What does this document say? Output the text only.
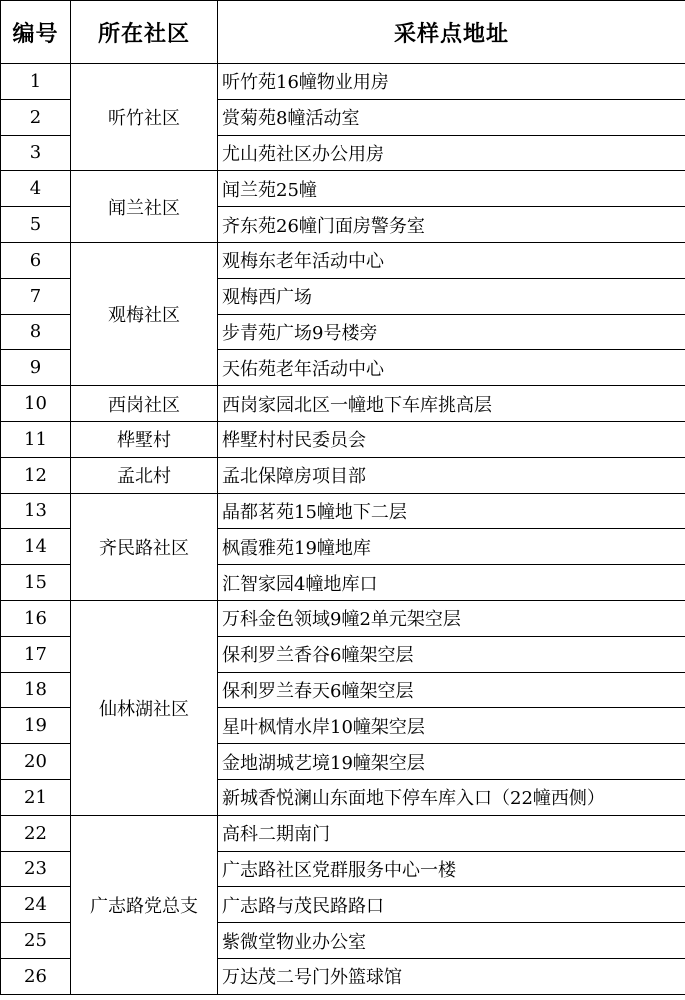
编号	所在社区	采样点地址
1	听竹社区	听竹苑16幢物业用房
2		赏菊苑8幢活动室
3		尤山苑社区办公用房
4	闻兰社区	闻兰苑25幢
5		齐东苑26幢门面房警务室
6	观梅社区	观梅东老年活动中心
7		观梅西广场
8		步青苑广场9号楼旁
9		天佑苑老年活动中心
10	西岗社区	西岗家园北区一幢地下车库挑高层
11	桦墅村	桦墅村村民委员会
12	孟北村	孟北保障房项目部
13	齐民路社区	晶都茗苑15幢地下二层
14		枫霞雅苑19幢地库
15		汇智家园4幢地库口
16	仙林湖社区	万科金色领域9幢2单元架空层
17		保利罗兰香谷6幢架空层
18		保利罗兰春天6幢架空层
19		星叶枫情水岸10幢架空层
20		金地湖城艺境19幢架空层
21		新城香悦澜山东面地下停车库入口（22幢西侧）
22	广志路党总支	高科二期南门
23		广志路社区党群服务中心一楼
24		广志路与茂民路路口
25		紫微堂物业办公室
26		万达茂二号门外篮球馆
